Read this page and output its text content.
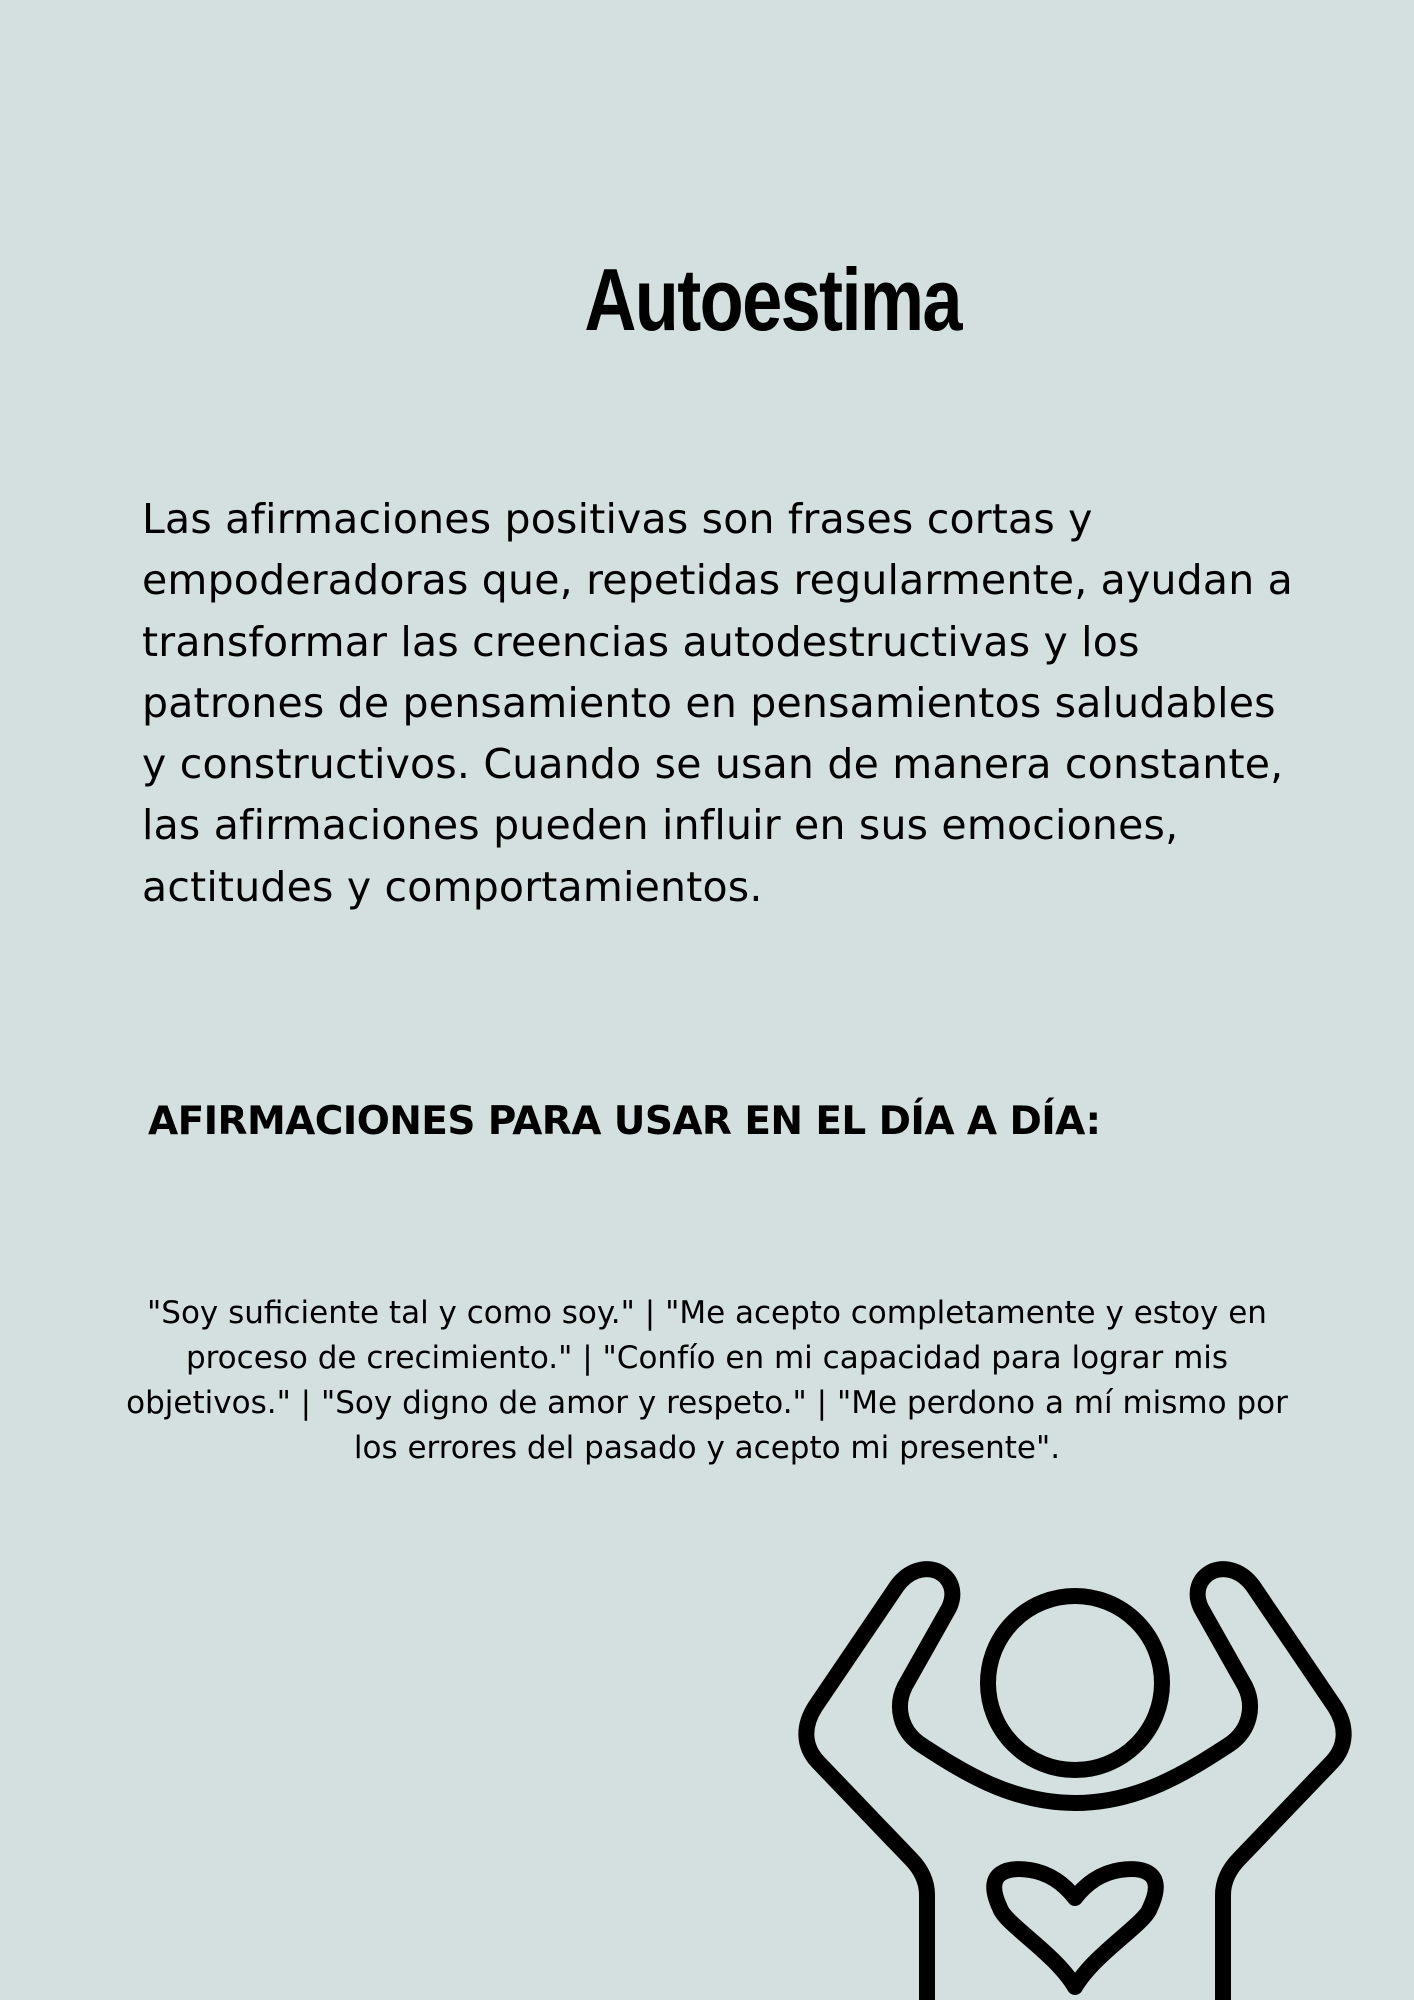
Autoestima

Las afirmaciones positivas son frases cortas y empoderadoras que, repetidas regularmente, ayudan a transformar las creencias autodestructivas y los patrones de pensamiento en pensamientos saludables y constructivos. Cuando se usan de manera constante, las afirmaciones pueden influir en sus emociones, actitudes y comportamientos.

AFIRMACIONES PARA USAR EN EL DÍA A DÍA:

"Soy suficiente tal y como soy." | "Me acepto completamente y estoy en proceso de crecimiento." | "Confío en mi capacidad para lograr mis objetivos." | "Soy digno de amor y respeto." | "Me perdono a mí mismo por los errores del pasado y acepto mi presente".
